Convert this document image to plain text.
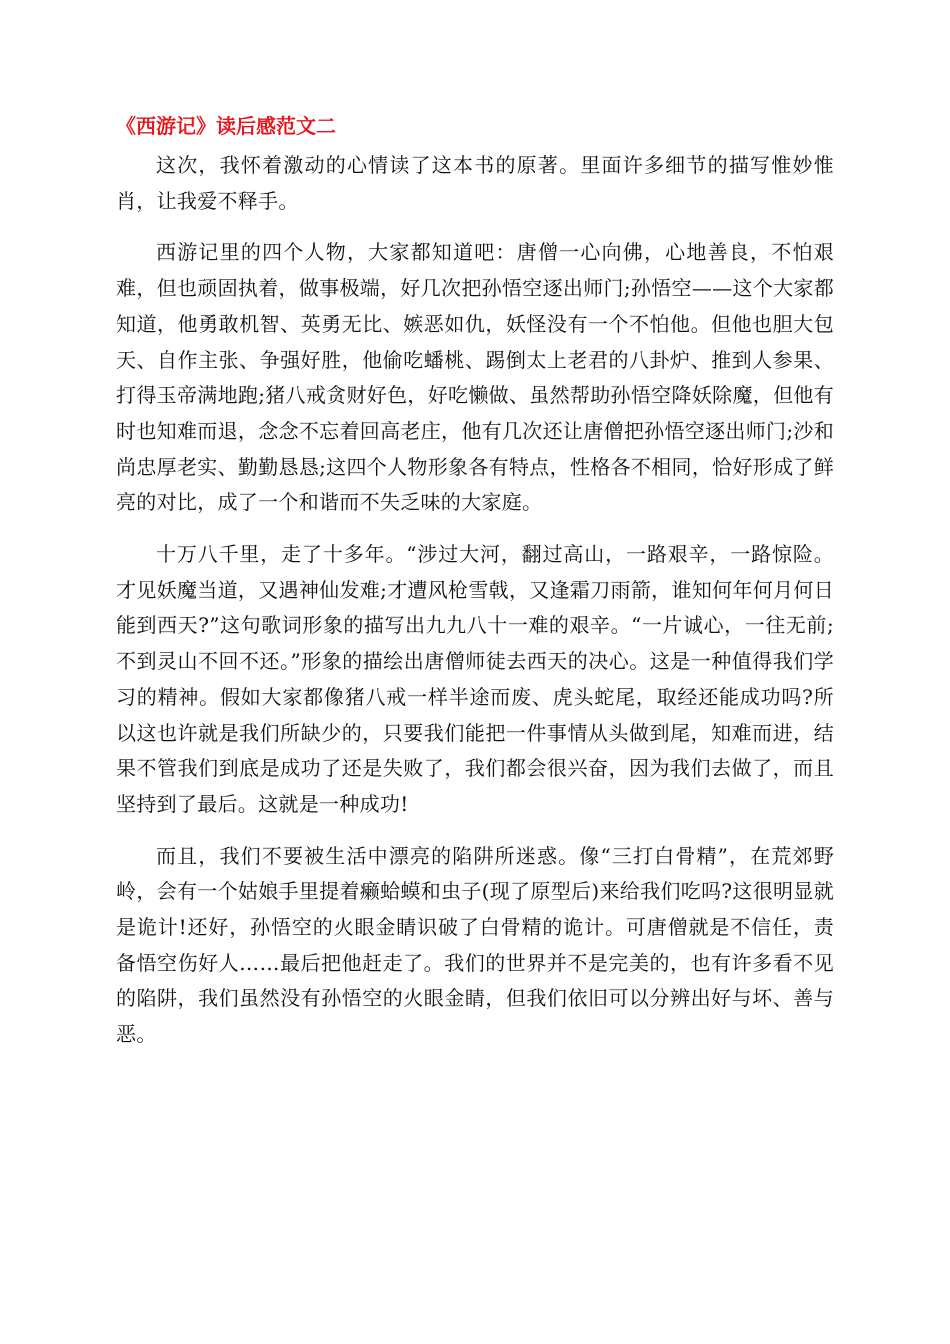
《西游记》读后感范文二

这次，我怀着激动的心情读了这本书的原著。里面许多细节的描写惟妙惟肖，让我爱不释手。

西游记里的四个人物，大家都知道吧：唐僧一心向佛，心地善良，不怕艰难，但也顽固执着，做事极端，好几次把孙悟空逐出师门;孙悟空——这个大家都知道，他勇敢机智、英勇无比、嫉恶如仇，妖怪没有一个不怕他。但他也胆大包天、自作主张、争强好胜，他偷吃蟠桃、踢倒太上老君的八卦炉、推到人参果、打得玉帝满地跑;猪八戒贪财好色，好吃懒做、虽然帮助孙悟空降妖除魔，但他有时也知难而退，念念不忘着回高老庄，他有几次还让唐僧把孙悟空逐出师门;沙和尚忠厚老实、勤勤恳恳;这四个人物形象各有特点，性格各不相同，恰好形成了鲜亮的对比，成了一个和谐而不失乏味的大家庭。

十万八千里，走了十多年。“涉过大河，翻过高山，一路艰辛，一路惊险。才见妖魔当道，又遇神仙发难;才遭风枪雪戟，又逢霜刀雨箭，谁知何年何月何日能到西天?”这句歌词形象的描写出九九八十一难的艰辛。“一片诚心，一往无前;不到灵山不回不还。”形象的描绘出唐僧师徒去西天的决心。这是一种值得我们学习的精神。假如大家都像猪八戒一样半途而废、虎头蛇尾，取经还能成功吗?所以这也许就是我们所缺少的，只要我们能把一件事情从头做到尾，知难而进，结果不管我们到底是成功了还是失败了，我们都会很兴奋，因为我们去做了，而且坚持到了最后。这就是一种成功!

而且，我们不要被生活中漂亮的陷阱所迷惑。像“三打白骨精”，在荒郊野岭，会有一个姑娘手里提着癞蛤蟆和虫子(现了原型后)来给我们吃吗?这很明显就是诡计!还好，孙悟空的火眼金睛识破了白骨精的诡计。可唐僧就是不信任，责备悟空伤好人……最后把他赶走了。我们的世界并不是完美的，也有许多看不见的陷阱，我们虽然没有孙悟空的火眼金睛，但我们依旧可以分辨出好与坏、善与恶。
